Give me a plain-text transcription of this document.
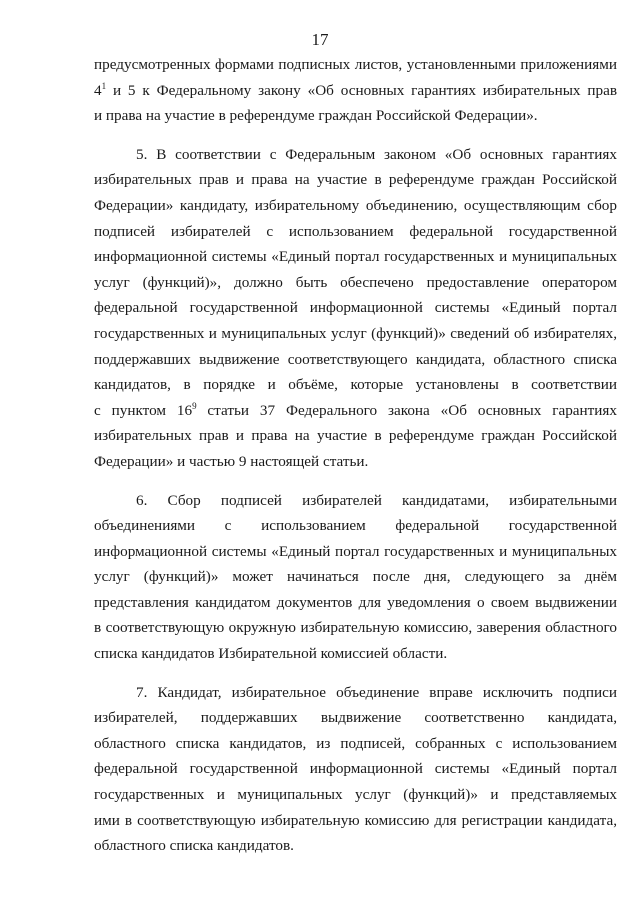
17
предусмотренных формами подписных листов, установленными приложениями
$4^1$ и 5 к Федеральному закону «Об основных гарантиях избирательных прав
и права на участие в референдуме граждан Российской Федерации».
5. В соответствии с Федеральным законом «Об основных гарантиях
избирательных прав и права на участие в референдуме граждан Российской
Федерации» кандидату, избирательному объединению, осуществляющим сбор
подписей избирателей с использованием федеральной государственной
информационной системы «Единый портал государственных и муниципальных
услуг (функций)», должно быть обеспечено предоставление оператором
федеральной государственной информационной системы «Единый портал
государственных и муниципальных услуг (функций)» сведений об избирателях,
поддержавших выдвижение соответствующего кандидата, областного списка
кандидатов, в порядке и объёме, которые установлены в соответствии
с пунктом $16^9$ статьи 37 Федерального закона «Об основных гарантиях
избирательных прав и права на участие в референдуме граждан Российской
Федерации» и частью 9 настоящей статьи.
6. Сбор подписей избирателей кандидатами, избирательными
объединениями с использованием федеральной государственной
информационной системы «Единый портал государственных и муниципальных
услуг (функций)» может начинаться после дня, следующего за днём
представления кандидатом документов для уведомления о своем выдвижении
в соответствующую окружную избирательную комиссию, заверения областного
списка кандидатов Избирательной комиссией области.
7. Кандидат, избирательное объединение вправе исключить подписи
избирателей, поддержавших выдвижение соответственно кандидата,
областного списка кандидатов, из подписей, собранных с использованием
федеральной государственной информационной системы «Единый портал
государственных и муниципальных услуг (функций)» и представляемых
ими в соответствующую избирательную комиссию для регистрации кандидата,
областного списка кандидатов.
